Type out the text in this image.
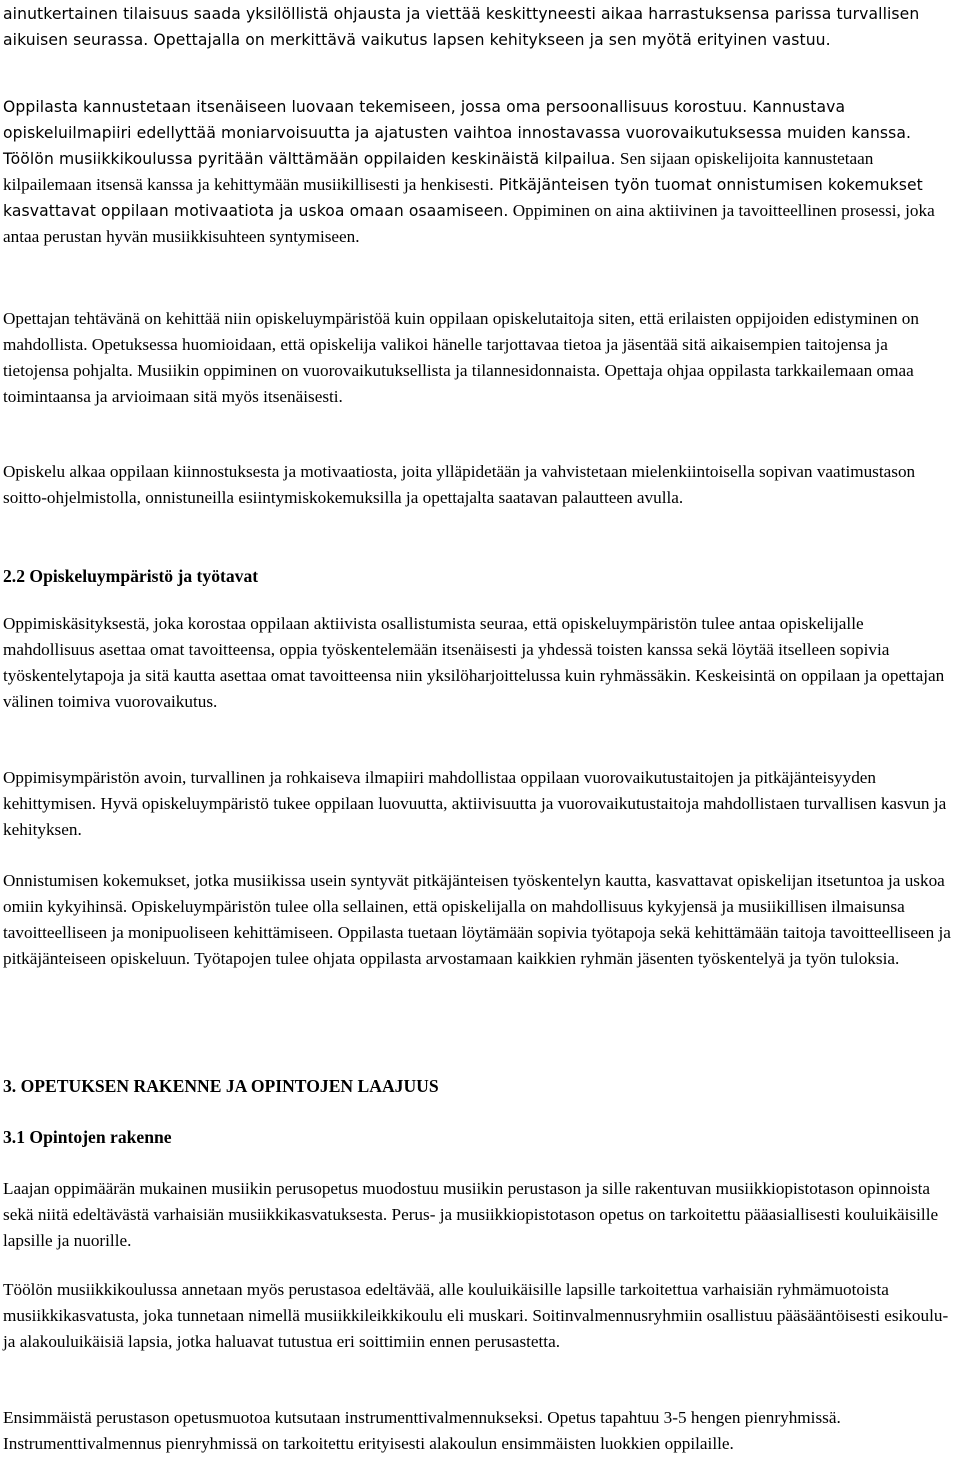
ainutkertainen tilaisuus saada yksilöllistä ohjausta ja viettää keskittyneesti aikaa harrastuksensa parissa turvallisen aikuisen seurassa. Opettajalla on merkittävä vaikutus lapsen kehitykseen ja sen myötä erityinen vastuu.

Oppilasta kannustetaan itsenäiseen luovaan tekemiseen, jossa oma persoonallisuus korostuu. Kannustava opiskeluilmapiiri edellyttää moniarvoisuutta ja ajatusten vaihtoa innostavassa vuorovaikutuksessa muiden kanssa. Töölön musiikkikoulussa pyritään välttämään oppilaiden keskinäistä kilpailua. Sen sijaan opiskelijoita kannustetaan kilpailemaan itsensä kanssa ja kehittymään musiikillisesti ja henkisesti. Pitkäjänteisen työn tuomat onnistumisen kokemukset kasvattavat oppilaan motivaatiota ja uskoa omaan osaamiseen. Oppiminen on aina aktiivinen ja tavoitteellinen prosessi, joka antaa perustan hyvän musiikkisuhteen syntymiseen.

Opettajan tehtävänä on kehittää niin opiskeluympäristöä kuin oppilaan opiskelutaitoja siten, että erilaisten oppijoiden edistyminen on mahdollista. Opetuksessa huomioidaan, että opiskelija valikoi hänelle tarjottavaa tietoa ja jäsentää sitä aikaisempien taitojensa ja tietojensa pohjalta. Musiikin oppiminen on vuorovaikutuksellista ja tilannesidonnaista. Opettaja ohjaa oppilasta tarkkailemaan omaa toimintaansa ja arvioimaan sitä myös itsenäisesti.

Opiskelu alkaa oppilaan kiinnostuksesta ja motivaatiosta, joita ylläpidetään ja vahvistetaan mielenkiintoisella sopivan vaatimustason soitto-ohjelmistolla, onnistuneilla esiintymiskokemuksilla ja opettajalta saatavan palautteen avulla.

2.2 Opiskeluympäristö ja työtavat

Oppimiskäsityksestä, joka korostaa oppilaan aktiivista osallistumista seuraa, että opiskeluympäristön tulee antaa opiskelijalle mahdollisuus asettaa omat tavoitteensa, oppia työskentelemään itsenäisesti ja yhdessä toisten kanssa sekä löytää itselleen sopivia työskentelytapoja ja sitä kautta asettaa omat tavoitteensa niin yksilöharjoittelussa kuin ryhmässäkin. Keskeisintä on oppilaan ja opettajan välinen toimiva vuorovaikutus.

Oppimisympäristön avoin, turvallinen ja rohkaiseva ilmapiiri mahdollistaa oppilaan vuorovaikutustaitojen ja pitkäjänteisyyden kehittymisen. Hyvä opiskeluympäristö tukee oppilaan luovuutta, aktiivisuutta ja vuorovaikutustaitoja mahdollistaen turvallisen kasvun ja kehityksen.

Onnistumisen kokemukset, jotka musiikissa usein syntyvät pitkäjänteisen työskentelyn kautta, kasvattavat opiskelijan itsetuntoa ja uskoa omiin kykyihinsä. Opiskeluympäristön tulee olla sellainen, että opiskelijalla on mahdollisuus kykyjensä ja musiikillisen ilmaisunsa tavoitteelliseen ja monipuoliseen kehittämiseen. Oppilasta tuetaan löytämään sopivia työtapoja sekä kehittämään taitoja tavoitteelliseen ja pitkäjänteiseen opiskeluun. Työtapojen tulee ohjata oppilasta arvostamaan kaikkien ryhmän jäsenten työskentelyä ja työn tuloksia.

3. OPETUKSEN RAKENNE JA OPINTOJEN LAAJUUS
3.1 Opintojen rakenne

Laajan oppimäärän mukainen musiikin perusopetus muodostuu musiikin perustason ja sille rakentuvan musiikkiopistotason opinnoista sekä niitä edeltävästä varhaisiän musiikkikasvatuksesta. Perus- ja musiikkiopistotason opetus on tarkoitettu pääasiallisesti kouluikäisille lapsille ja nuorille.

Töölön musiikkikoulussa annetaan myös perustasoa edeltävää, alle kouluikäisille lapsille tarkoitettua varhaisiän ryhmämuotoista musiikkikasvatusta, joka tunnetaan nimellä musiikkileikkikoulu eli muskari. Soitinvalmennusryhmiin osallistuu pääsääntöisesti esikoulu- ja alakouluikäisiä lapsia, jotka haluavat tutustua eri soittimiin ennen perusastetta.

Ensimmäistä perustason opetusmuotoa kutsutaan instrumenttivalmennukseksi. Opetus tapahtuu 3-5 hengen pienryhmissä. Instrumenttivalmennus pienryhmissä on tarkoitettu erityisesti alakoulun ensimmäisten luokkien oppilaille.
